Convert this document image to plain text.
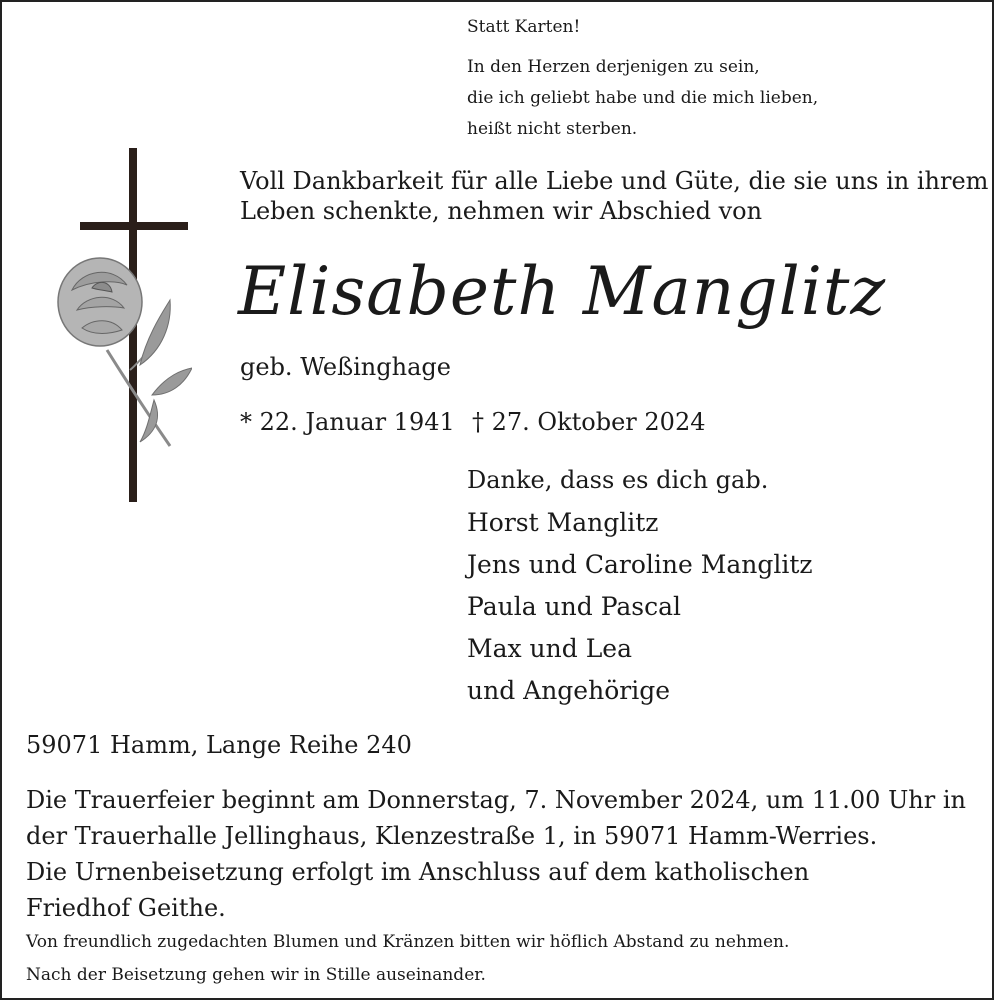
Statt Karten!
In den Herzen derjenigen zu sein,
die ich geliebt habe und die mich lieben,
heißt nicht sterben.
Voll Dankbarkeit für alle Liebe und Güte, die sie uns in ihrem
Leben schenkte, nehmen wir Abschied von
Elisabeth Manglitz
geb. Weßinghage
* 22. Januar 1941 † 27. Oktober 2024
Danke, dass es dich gab.
Horst Manglitz
Jens und Caroline Manglitz
Paula und Pascal
Max und Lea
und Angehörige
59071 Hamm, Lange Reihe 240
Die Trauerfeier beginnt am Donnerstag, 7. November 2024, um 11.00 Uhr in
der Trauerhalle Jellinghaus, Klenzestraße 1, in 59071 Hamm-Werries.
Die Urnenbeisetzung erfolgt im Anschluss auf dem katholischen
Friedhof Geithe.
Von freundlich zugedachten Blumen und Kränzen bitten wir höflich Abstand zu nehmen.
Nach der Beisetzung gehen wir in Stille auseinander.
